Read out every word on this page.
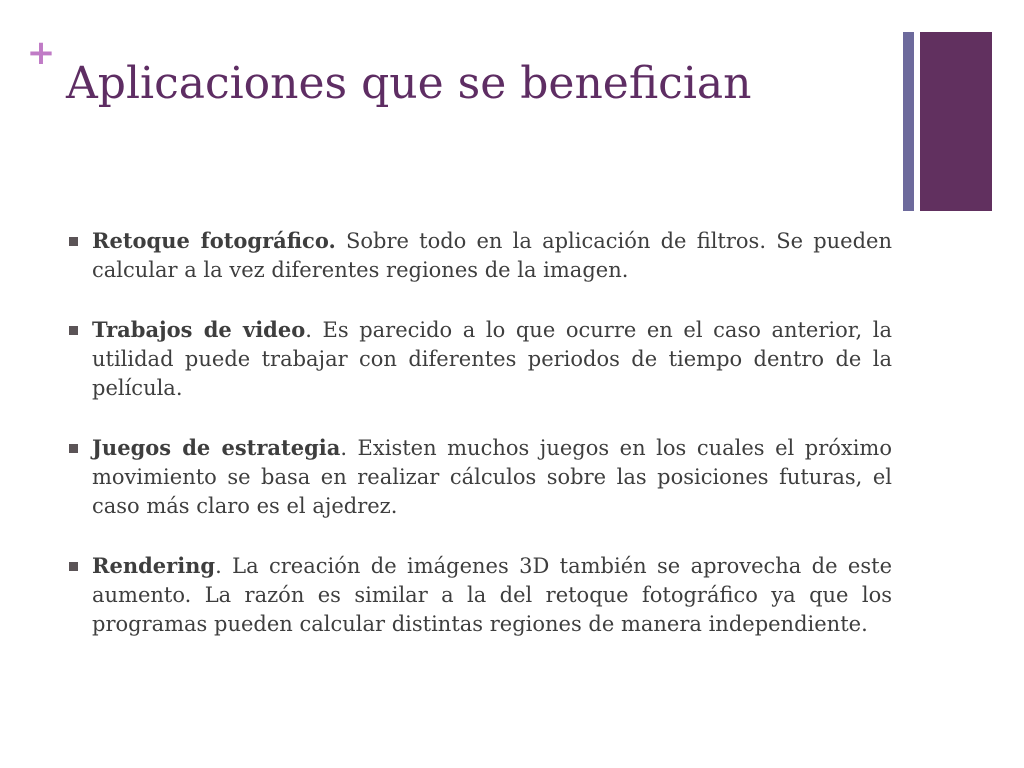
+
Aplicaciones que se benefician
Retoque fotográfico. Sobre todo en la aplicación de filtros. Se pueden calcular a la vez diferentes regiones de la imagen.
Trabajos de video. Es parecido a lo que ocurre en el caso anterior, la utilidad puede trabajar con diferentes periodos de tiempo dentro de la película.
Juegos de estrategia. Existen muchos juegos en los cuales el próximo movimiento se basa en realizar cálculos sobre las posiciones futuras, el caso más claro es el ajedrez.
Rendering. La creación de imágenes 3D también se aprovecha de este aumento. La razón es similar a la del retoque fotográfico ya que los programas pueden calcular distintas regiones de manera independiente.
